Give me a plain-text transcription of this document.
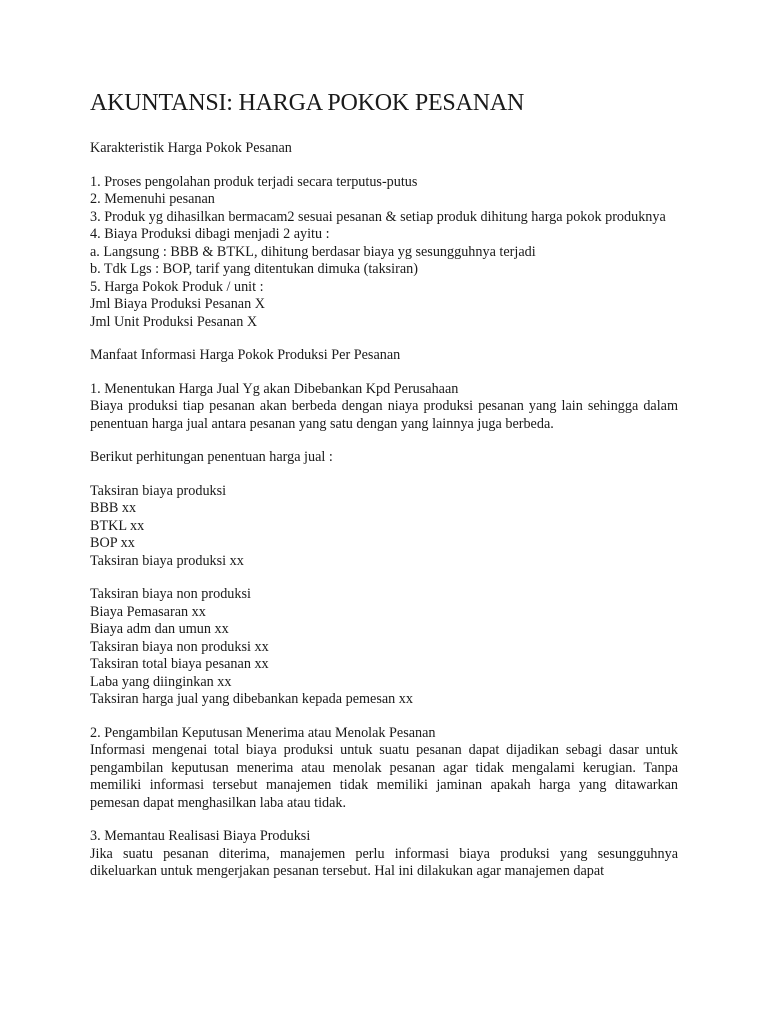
AKUNTANSI: HARGA POKOK PESANAN

Karakteristik Harga Pokok Pesanan

1. Proses pengolahan produk terjadi secara terputus-putus

2. Memenuhi pesanan

3. Produk yg dihasilkan bermacam2 sesuai pesanan & setiap produk dihitung harga pokok produknya

4. Biaya Produksi dibagi menjadi 2 ayitu :

a. Langsung : BBB & BTKL, dihitung berdasar biaya yg sesungguhnya terjadi

b. Tdk Lgs : BOP, tarif yang ditentukan dimuka (taksiran)

5. Harga Pokok Produk / unit :

Jml Biaya Produksi Pesanan X

Jml Unit Produksi Pesanan X

Manfaat Informasi Harga Pokok Produksi Per Pesanan

1. Menentukan Harga Jual Yg akan Dibebankan Kpd Perusahaan

Biaya produksi tiap pesanan akan berbeda dengan niaya produksi pesanan yang lain sehingga dalam penentuan harga jual antara pesanan yang satu dengan yang lainnya juga berbeda.

Berikut perhitungan penentuan harga jual :

Taksiran biaya produksi

BBB xx

BTKL xx

BOP xx

Taksiran biaya produksi xx

Taksiran biaya non produksi

Biaya Pemasaran xx

Biaya adm dan umun xx

Taksiran biaya non produksi xx

Taksiran total biaya pesanan xx

Laba yang diinginkan xx

Taksiran harga jual yang dibebankan kepada pemesan xx

2. Pengambilan Keputusan Menerima atau Menolak Pesanan

Informasi mengenai total biaya produksi untuk suatu pesanan dapat dijadikan sebagi dasar untuk pengambilan keputusan menerima atau menolak pesanan agar tidak mengalami kerugian. Tanpa memiliki informasi tersebut manajemen tidak memiliki jaminan apakah harga yang ditawarkan pemesan dapat menghasilkan laba atau tidak.

3. Memantau Realisasi Biaya Produksi

Jika suatu pesanan diterima, manajemen perlu informasi biaya produksi yang sesungguhnya dikeluarkan untuk mengerjakan pesanan tersebut. Hal ini dilakukan agar manajemen dapat
